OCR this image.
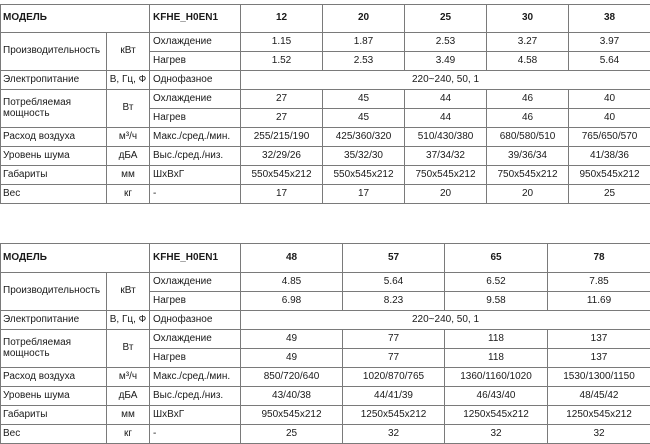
МОДЕЛЬ		KFHE_H0EN1	12	20	25	30	38
Производительность	кВт	Охлаждение	1.15	1.87	2.53	3.27	3.97
		Нагрев	1.52	2.53	3.49	4.58	5.64
Электропитание	В, Гц, Ф	Однофазное	220~240, 50, 1				
Потребляемая мощность	Вт	Охлаждение	27	45	44	46	40
		Нагрев	27	45	44	46	40
Расход воздуха	м³/ч	Макс./сред./мин.	255/215/190	425/360/320	510/430/380	680/580/510	765/650/570
Уровень шума	дБА	Выс./сред./низ.	32/29/26	35/32/30	37/34/32	39/36/34	41/38/36
Габариты	мм	ШхВхГ	550x545x212	550x545x212	750x545x212	750x545x212	950x545x212
Вес	кг	-	17	17	20	20	25
МОДЕЛЬ		KFHE_H0EN1	48	57	65	78
Производительность	кВт	Охлаждение	4.85	5.64	6.52	7.85
		Нагрев	6.98	8.23	9.58	11.69
Электропитание	В, Гц, Ф	Однофазное	220~240, 50, 1			
Потребляемая мощность	Вт	Охлаждение	49	77	118	137
		Нагрев	49	77	118	137
Расход воздуха	м³/ч	Макс./сред./мин.	850/720/640	1020/870/765	1360/1160/1020	1530/1300/1150
Уровень шума	дБА	Выс./сред./низ.	43/40/38	44/41/39	46/43/40	48/45/42
Габариты	мм	ШхВхГ	950x545x212	1250x545x212	1250x545x212	1250x545x212
Вес	кг	-	25	32	32	32
